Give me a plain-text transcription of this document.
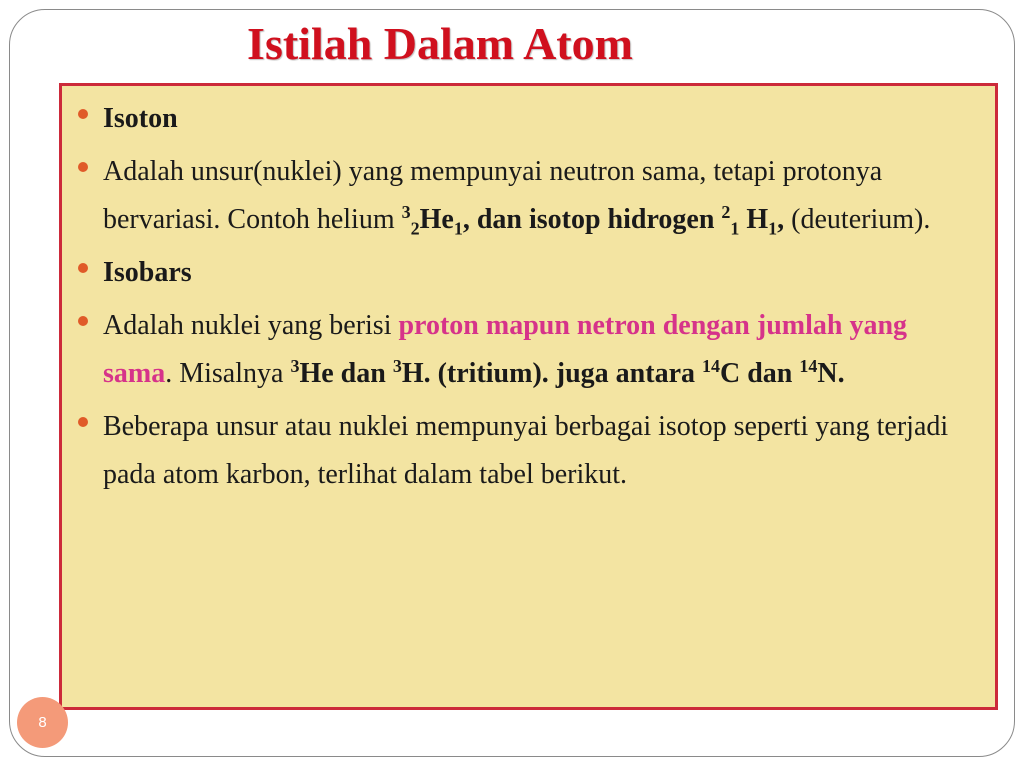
Istilah Dalam Atom
Isoton
Adalah unsur(nuklei) yang mempunyai neutron sama, tetapi protonya bervariasi. Contoh helium $^3_2He_1$, dan isotop hidrogen $^2_1$ $H_1$, (deuterium).
Isobars
Adalah nuklei yang berisi proton mapun netron dengan jumlah yang sama. Misalnya $^3$He dan $^3$H. (tritium). juga antara $^{14}$C dan $^{14}$N.
Beberapa unsur atau nuklei mempunyai berbagai isotop seperti yang terjadi pada atom karbon, terlihat dalam tabel berikut.
8
